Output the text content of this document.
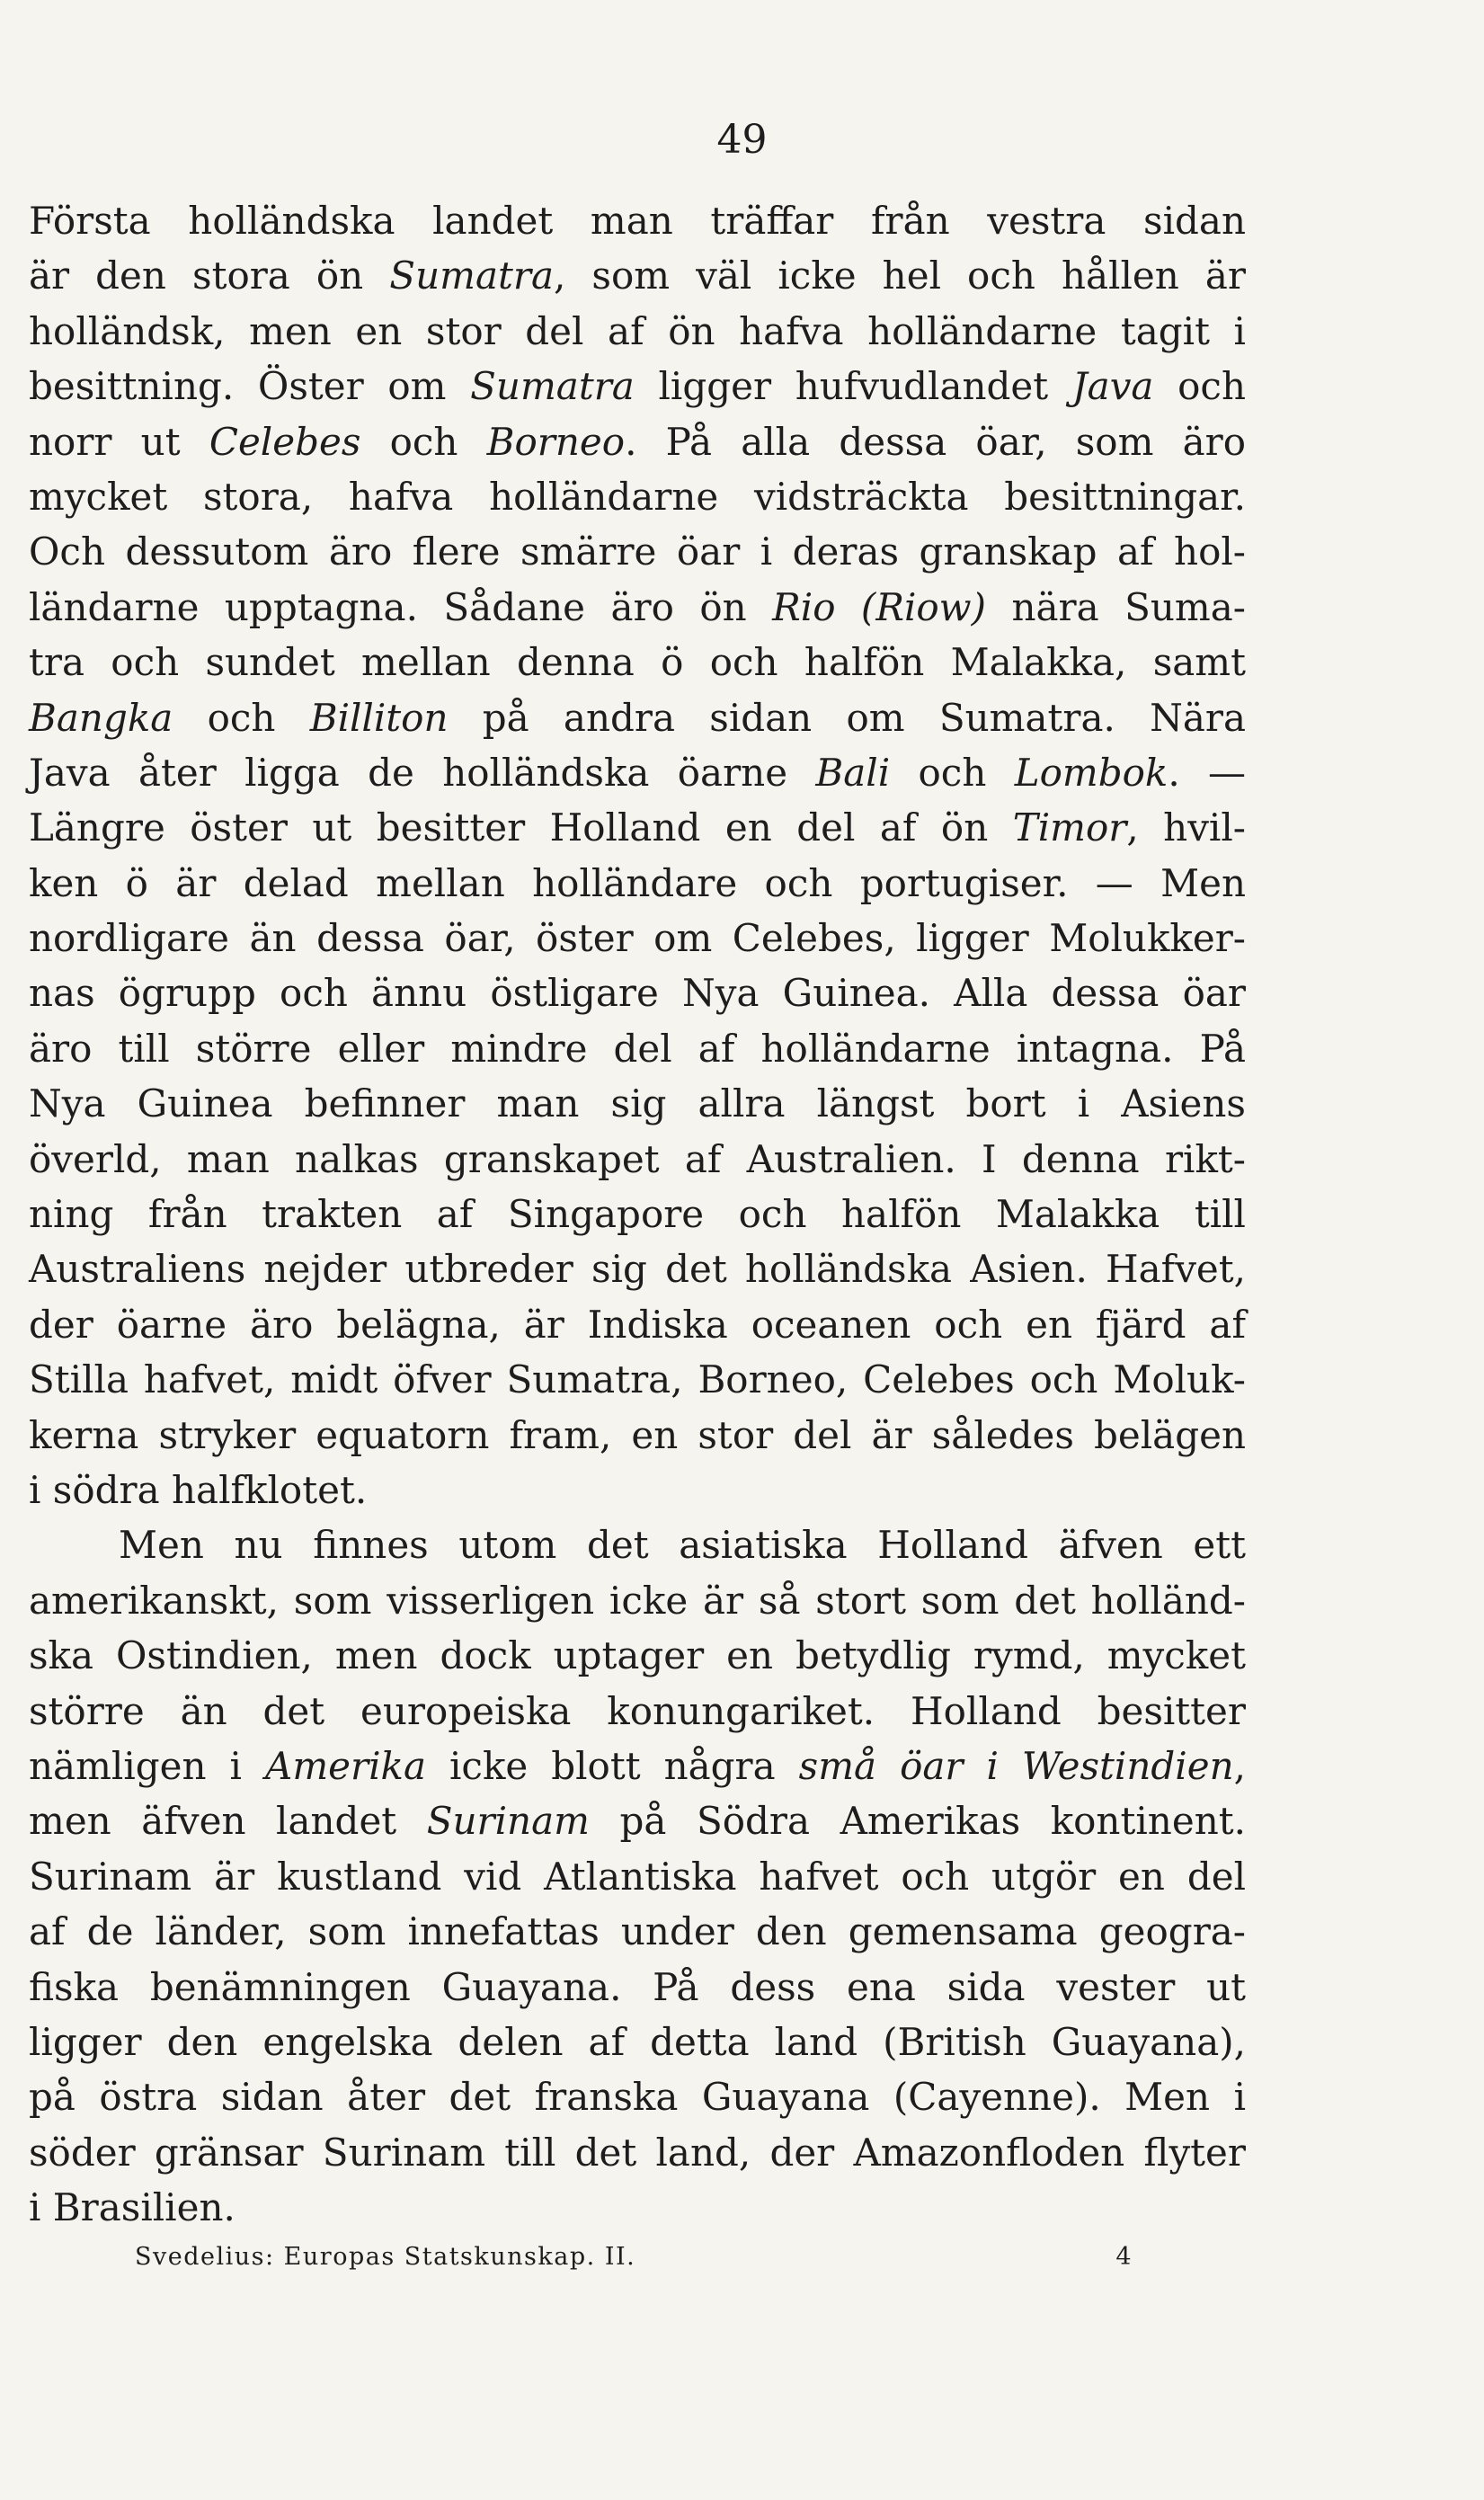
49
Första holländska landet man träffar från vestra sidan
är den stora ön Sumatra, som väl icke hel och hållen är
holländsk, men en stor del af ön hafva holländarne tagit i
besittning. Öster om Sumatra ligger hufvudlandet Java och
norr ut Celebes och Borneo. På alla dessa öar, som äro
mycket stora, hafva holländarne vidsträckta besittningar.
Och dessutom äro flere smärre öar i deras granskap af hol-
ländarne upptagna. Sådane äro ön Rio (Riow) nära Suma-
tra och sundet mellan denna ö och halfön Malakka, samt
Bangka och Billiton på andra sidan om Sumatra. Nära
Java åter ligga de holländska öarne Bali och Lombok. —
Längre öster ut besitter Holland en del af ön Timor, hvil-
ken ö är delad mellan holländare och portugiser. — Men
nordligare än dessa öar, öster om Celebes, ligger Molukker-
nas ögrupp och ännu östligare Nya Guinea. Alla dessa öar
äro till större eller mindre del af holländarne intagna. På
Nya Guinea befinner man sig allra längst bort i Asiens
överld, man nalkas granskapet af Australien. I denna rikt-
ning från trakten af Singapore och halfön Malakka till
Australiens nejder utbreder sig det holländska Asien. Hafvet,
der öarne äro belägna, är Indiska oceanen och en fjärd af
Stilla hafvet, midt öfver Sumatra, Borneo, Celebes och Moluk-
kerna stryker equatorn fram, en stor del är således belägen
i södra halfklotet.
Men nu finnes utom det asiatiska Holland äfven ett
amerikanskt, som visserligen icke är så stort som det holländ-
ska Ostindien, men dock uptager en betydlig rymd, mycket
större än det europeiska konungariket. Holland besitter
nämligen i Amerika icke blott några små öar i Westindien,
men äfven landet Surinam på Södra Amerikas kontinent.
Surinam är kustland vid Atlantiska hafvet och utgör en del
af de länder, som innefattas under den gemensama geogra-
fiska benämningen Guayana. På dess ena sida vester ut
ligger den engelska delen af detta land (British Guayana),
på östra sidan åter det franska Guayana (Cayenne). Men i
söder gränsar Surinam till det land, der Amazonfloden flyter
i Brasilien.
Svedelius: Europas Statskunskap. II.	4
